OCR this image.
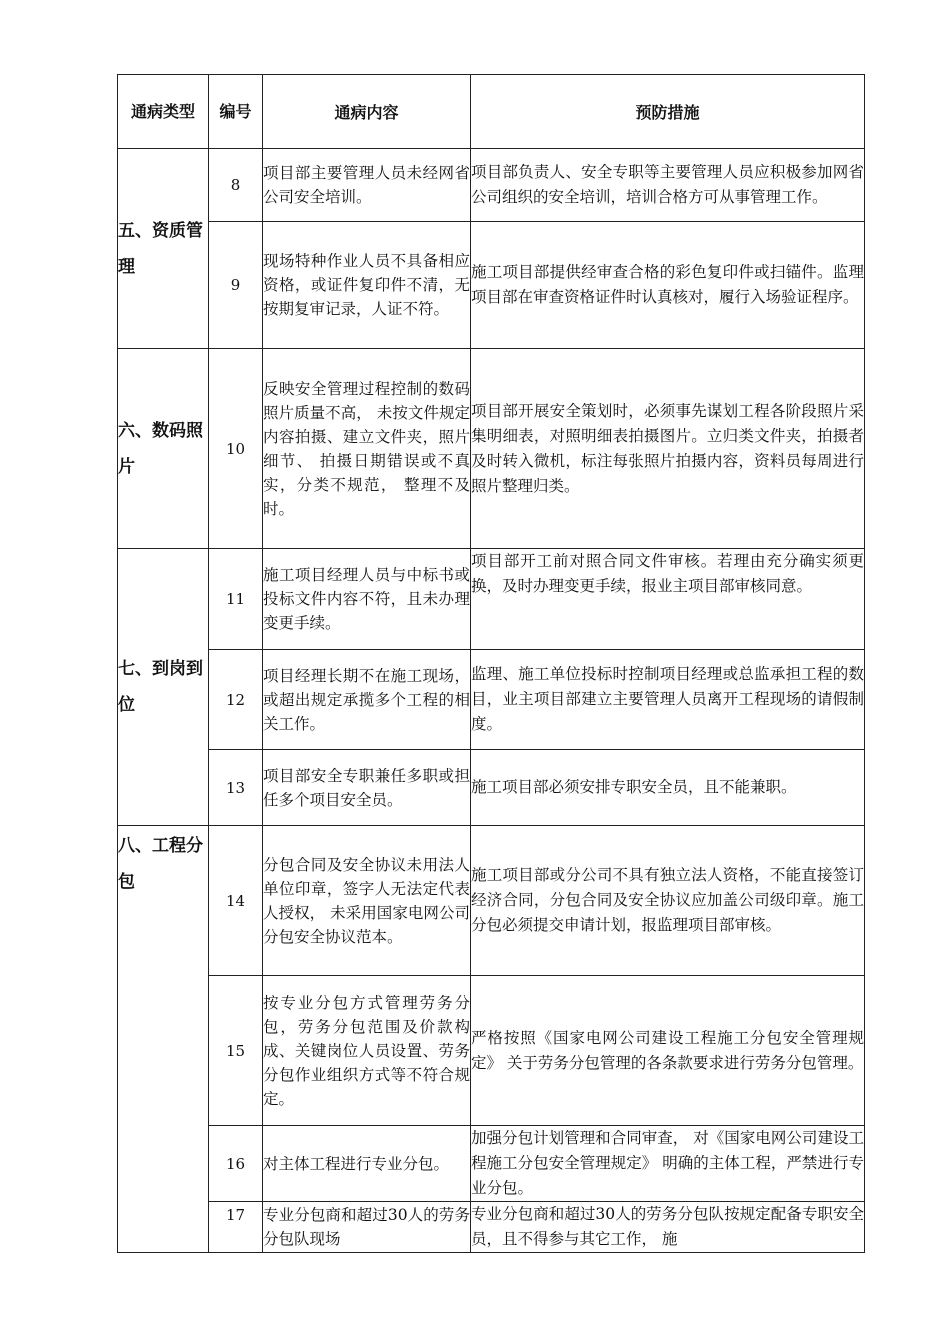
通病类型	编号	通病内容	预防措施
五、资质管理	8	项目部主要管理人员未经网省公司安全培训。	项目部负责人、安全专职等主要管理人员应积极参加网省公司组织的安全培训，培训合格方可从事管理工作。
	9	现场特种作业人员不具备相应资格，或证件复印件不清，无按期复审记录，人证不符。	施工项目部提供经审查合格的彩色复印件或扫锚件。监理项目部在审查资格证件时认真核对，履行入场验证程序。
六、数码照片	10	反映安全管理过程控制的数码照片质量不高， 未按文件规定内容拍摄、建立文件夹，照片细节、 拍摄日期错误或不真实，分类不规范， 整理不及时。	项目部开展安全策划时，必须事先谋划工程各阶段照片采集明细表，对照明细表拍摄图片。立归类文件夹，拍摄者及时转入微机，标注每张照片拍摄内容，资料员每周进行照片整理归类。
七、到岗到位	11	施工项目经理人员与中标书或投标文件内容不符，且未办理变更手续。	项目部开工前对照合同文件审核。若理由充分确实须更换，及时办理变更手续，报业主项目部审核同意。
	12	项目经理长期不在施工现场，或超出规定承揽多个工程的相关工作。	监理、施工单位投标时控制项目经理或总监承担工程的数目，业主项目部建立主要管理人员离开工程现场的请假制度。
	13	项目部安全专职兼任多职或担任多个项目安全员。	施工项目部必须安排专职安全员，且不能兼职。
八、工程分包	14	分包合同及安全协议未用法人单位印章，签字人无法定代表人授权， 未采用国家电网公司分包安全协议范本。	施工项目部或分公司不具有独立法人资格，不能直接签订经济合同，分包合同及安全协议应加盖公司级印章。施工分包必须提交申请计划，报监理项目部审核。
	15	按专业分包方式管理劳务分包，劳务分包范围及价款构成、关键岗位人员设置、劳务分包作业组织方式等不符合规定。	严格按照《国家电网公司建设工程施工分包安全管理规定》 关于劳务分包管理的各条款要求进行劳务分包管理。
	16	对主体工程进行专业分包。	加强分包计划管理和合同审查， 对《国家电网公司建设工程施工分包安全管理规定》 明确的主体工程，严禁进行专业分包。
	17	专业分包商和超过30人的劳务分包队现场	专业分包商和超过30人的劳务分包队按规定配备专职安全员，且不得参与其它工作， 施
